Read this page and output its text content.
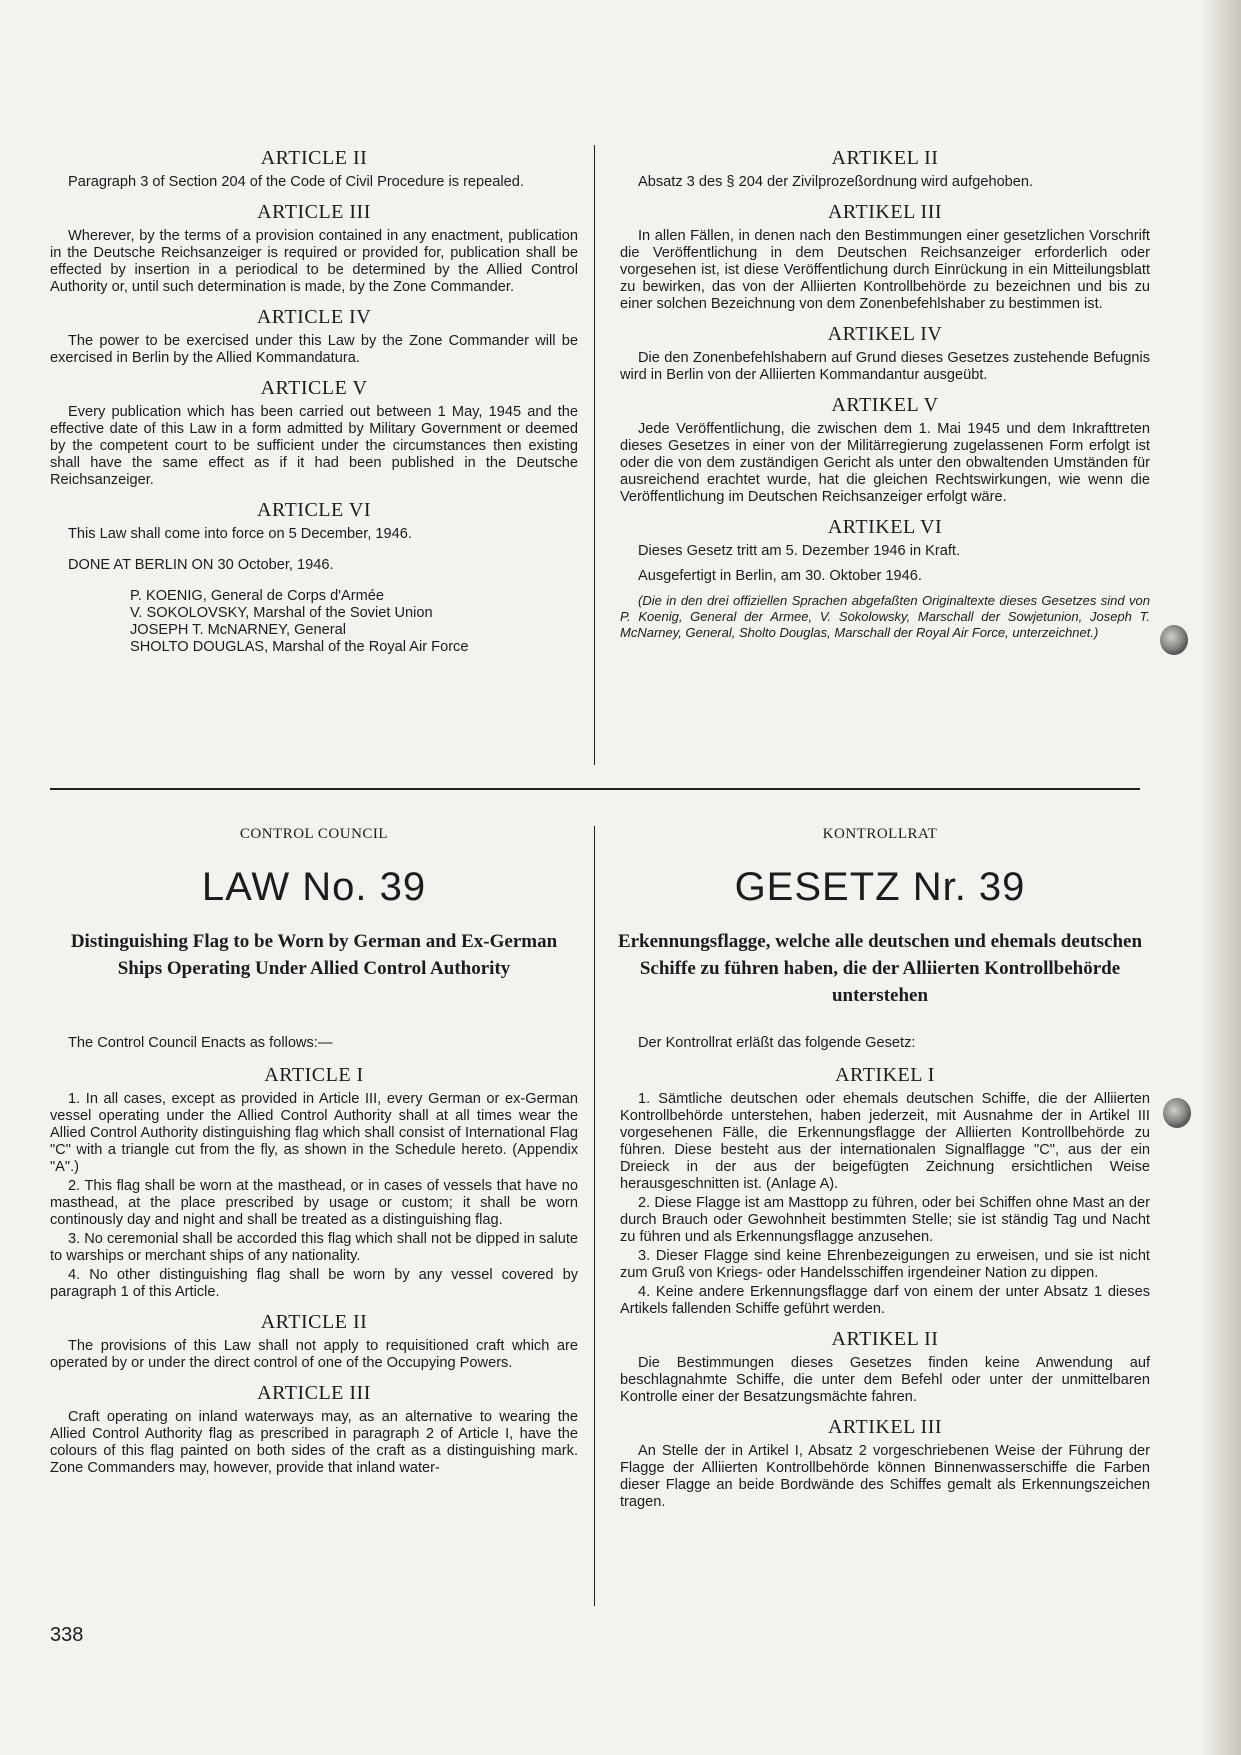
ARTICLE II

Paragraph 3 of Section 204 of the Code of Civil Procedure is repealed.

ARTICLE III

Wherever, by the terms of a provision contained in any enactment, publication in the Deutsche Reichsanzeiger is required or provided for, publication shall be effected by insertion in a periodical to be determined by the Allied Control Authority or, until such determination is made, by the Zone Commander.

ARTICLE IV

The power to be exercised under this Law by the Zone Commander will be exercised in Berlin by the Allied Kommandatura.

ARTICLE V

Every publication which has been carried out between 1 May, 1945 and the effective date of this Law in a form admitted by Military Government or deemed by the competent court to be sufficient under the circumstances then existing shall have the same effect as if it had been published in the Deutsche Reichsanzeiger.

ARTICLE VI

This Law shall come into force on 5 December, 1946.

DONE AT BERLIN ON 30 October, 1946.

P. KOENIG, General de Corps d'Armée
V. SOKOLOVSKY, Marshal of the Soviet Union
JOSEPH T. McNARNEY, General
SHOLTO DOUGLAS, Marshal of the Royal Air Force
ARTIKEL II

Absatz 3 des § 204 der Zivilprozeßordnung wird aufgehoben.

ARTIKEL III

In allen Fällen, in denen nach den Bestimmungen einer gesetzlichen Vorschrift die Veröffentlichung in dem Deutschen Reichsanzeiger erforderlich oder vorgesehen ist, ist diese Veröffentlichung durch Einrückung in ein Mitteilungsblatt zu bewirken, das von der Alliierten Kontrollbehörde zu bezeichnen und bis zu einer solchen Bezeichnung von dem Zonenbefehlshaber zu bestimmen ist.

ARTIKEL IV

Die den Zonenbefehlshabern auf Grund dieses Gesetzes zustehende Befugnis wird in Berlin von der Alliierten Kommandantur ausgeübt.

ARTIKEL V

Jede Veröffentlichung, die zwischen dem 1. Mai 1945 und dem Inkrafttreten dieses Gesetzes in einer von der Militärregierung zugelassenen Form erfolgt ist oder die von dem zuständigen Gericht als unter den obwaltenden Umständen für ausreichend erachtet wurde, hat die gleichen Rechtswirkungen, wie wenn die Veröffentlichung im Deutschen Reichsanzeiger erfolgt wäre.

ARTIKEL VI

Dieses Gesetz tritt am 5. Dezember 1946 in Kraft.

Ausgefertigt in Berlin, am 30. Oktober 1946.

(Die in den drei offiziellen Sprachen abgefaßten Originaltexte dieses Gesetzes sind von P. Koenig, General der Armee, V. Sokolowsky, Marschall der Sowjetunion, Joseph T. McNarney, General, Sholto Douglas, Marschall der Royal Air Force, unterzeichnet.)

CONTROL COUNCIL	KONTROLLRAT
LAW No. 39	GESETZ Nr. 39
Distinguishing Flag to be Worn by German and Ex-German Ships Operating Under Allied Control Authority
Erkennungsflagge, welche alle deutschen und ehemals deutschen Schiffe zu führen haben, die der Alliierten Kontrollbehörde unterstehen

The Control Council Enacts as follows:—

ARTICLE I

1. In all cases, except as provided in Article III, every German or ex-German vessel operating under the Allied Control Authority shall at all times wear the Allied Control Authority distinguishing flag which shall consist of International Flag "C" with a triangle cut from the fly, as shown in the Schedule hereto. (Appendix "A".)

2. This flag shall be worn at the masthead, or in cases of vessels that have no masthead, at the place prescribed by usage or custom; it shall be worn continously day and night and shall be treated as a distinguishing flag.

3. No ceremonial shall be accorded this flag which shall not be dipped in salute to warships or merchant ships of any nationality.

4. No other distinguishing flag shall be worn by any vessel covered by paragraph 1 of this Article.

ARTICLE II

The provisions of this Law shall not apply to requisitioned craft which are operated by or under the direct control of one of the Occupying Powers.

ARTICLE III

Craft operating on inland waterways may, as an alternative to wearing the Allied Control Authority flag as prescribed in paragraph 2 of Article I, have the colours of this flag painted on both sides of the craft as a distinguishing mark. Zone Commanders may, however, provide that inland water-

Der Kontrollrat erläßt das folgende Gesetz:

ARTIKEL I

1. Sämtliche deutschen oder ehemals deutschen Schiffe, die der Alliierten Kontrollbehörde unterstehen, haben jederzeit, mit Ausnahme der in Artikel III vorgesehenen Fälle, die Erkennungsflagge der Alliierten Kontrollbehörde zu führen. Diese besteht aus der internationalen Signalflagge "C", aus der ein Dreieck in der aus der beigefügten Zeichnung ersichtlichen Weise herausgeschnitten ist. (Anlage A).

2. Diese Flagge ist am Masttopp zu führen, oder bei Schiffen ohne Mast an der durch Brauch oder Gewohnheit bestimmten Stelle; sie ist ständig Tag und Nacht zu führen und als Erkennungsflagge anzusehen.

3. Dieser Flagge sind keine Ehrenbezeigungen zu erweisen, und sie ist nicht zum Gruß von Kriegs- oder Handelsschiffen irgendeiner Nation zu dippen.

4. Keine andere Erkennungsflagge darf von einem der unter Absatz 1 dieses Artikels fallenden Schiffe geführt werden.

ARTIKEL II

Die Bestimmungen dieses Gesetzes finden keine Anwendung auf beschlagnahmte Schiffe, die unter dem Befehl oder unter der unmittelbaren Kontrolle einer der Besatzungsmächte fahren.

ARTIKEL III

An Stelle der in Artikel I, Absatz 2 vorgeschriebenen Weise der Führung der Flagge der Alliierten Kontrollbehörde können Binnenwasserschiffe die Farben dieser Flagge an beide Bordwände des Schiffes gemalt als Erkennungszeichen tragen.

338
